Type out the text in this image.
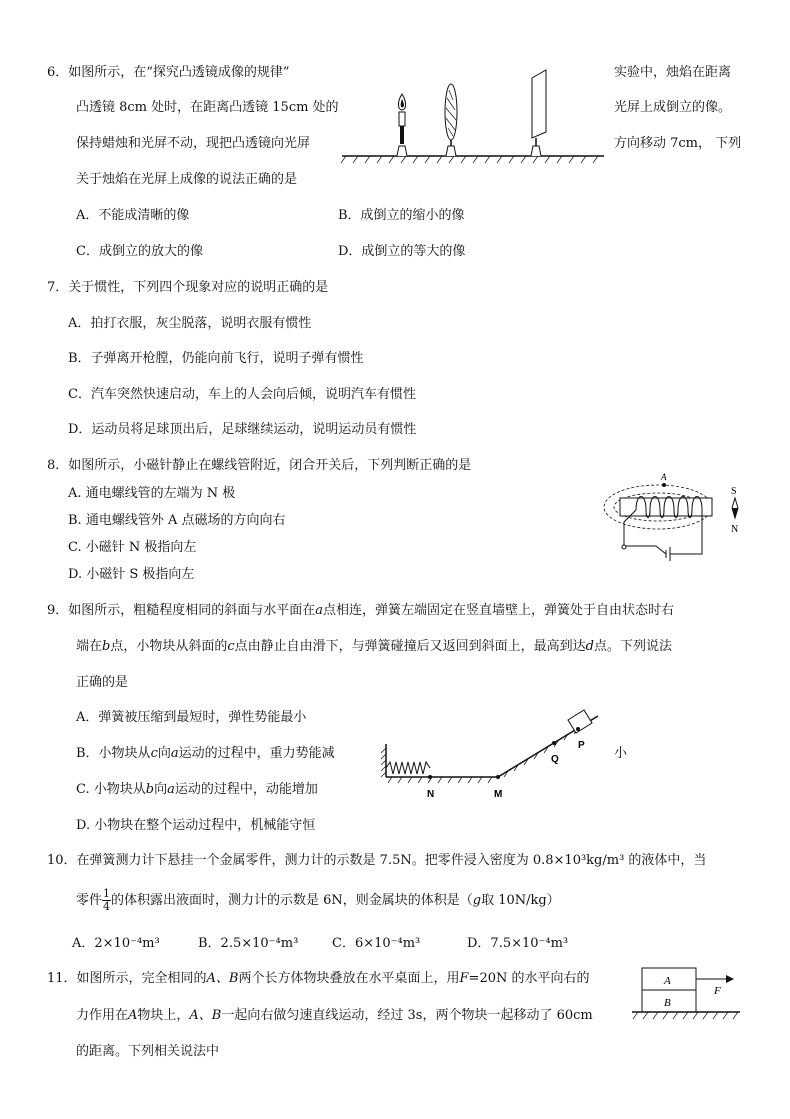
6．如图所示，在“探究凸透镜成像的规律”	实验中，烛焰在距离
凸透镜 8cm 处时，在距离凸透镜 15cm 处的	光屏上成倒立的像。
保持蜡烛和光屏不动，现把凸透镜向光屏	方向移动 7cm， 下列
关于烛焰在光屏上成像的说法正确的是
A．不能成清晰的像	B．成倒立的缩小的像
C．成倒立的放大的像	D．成倒立的等大的像
7．关于惯性，下列四个现象对应的说明正确的是
A．拍打衣服，灰尘脱落，说明衣服有惯性
B．子弹离开枪膛，仍能向前飞行，说明子弹有惯性
C．汽车突然快速启动，车上的人会向后倾，说明汽车有惯性
D．运动员将足球顶出后，足球继续运动，说明运动员有惯性
8．如图所示，小磁针静止在螺线管附近，闭合开关后，下列判断正确的是
A. 通电螺线管的左端为 N 极
B. 通电螺线管外 A 点磁场的方向向右
C. 小磁针 N 极指向左
D. 小磁针 S 极指向左
A
S
N
9．如图所示，粗糙程度相同的斜面与水平面在a点相连，弹簧左端固定在竖直墙壁上，弹簧处于自由状态时右
端在b点，小物块从斜面的c点由静止自由滑下，与弹簧碰撞后又返回到斜面上，最高到达d点。下列说法
正确的是
A．弹簧被压缩到最短时，弹性势能最小
B．小物块从c向a运动的过程中，重力势能减	小
C. 小物块从b向a运动的过程中，动能增加
D. 小物块在整个运动过程中，机械能守恒
N	M
Q
P
10．在弹簧测力计下悬挂一个金属零件，测力计的示数是 7.5N。把零件浸入密度为 0.8×10³kg/m³ 的液体中，当
零件 $\frac{1}{4}$ 的体积露出液面时，测力计的示数是 6N，则金属块的体积是（g取 10N/kg）
A．2×10⁻⁴m³	B．2.5×10⁻⁴m³	C．6×10⁻⁴m³	D．7.5×10⁻⁴m³
11．如图所示，完全相同的A、B两个长方体物块叠放在水平桌面上，用F=20N 的水平向右的
力作用在A物块上，A、B一起向右做匀速直线运动，经过 3s，两个物块一起移动了 60cm
的距离。下列相关说法中
A
B
F
